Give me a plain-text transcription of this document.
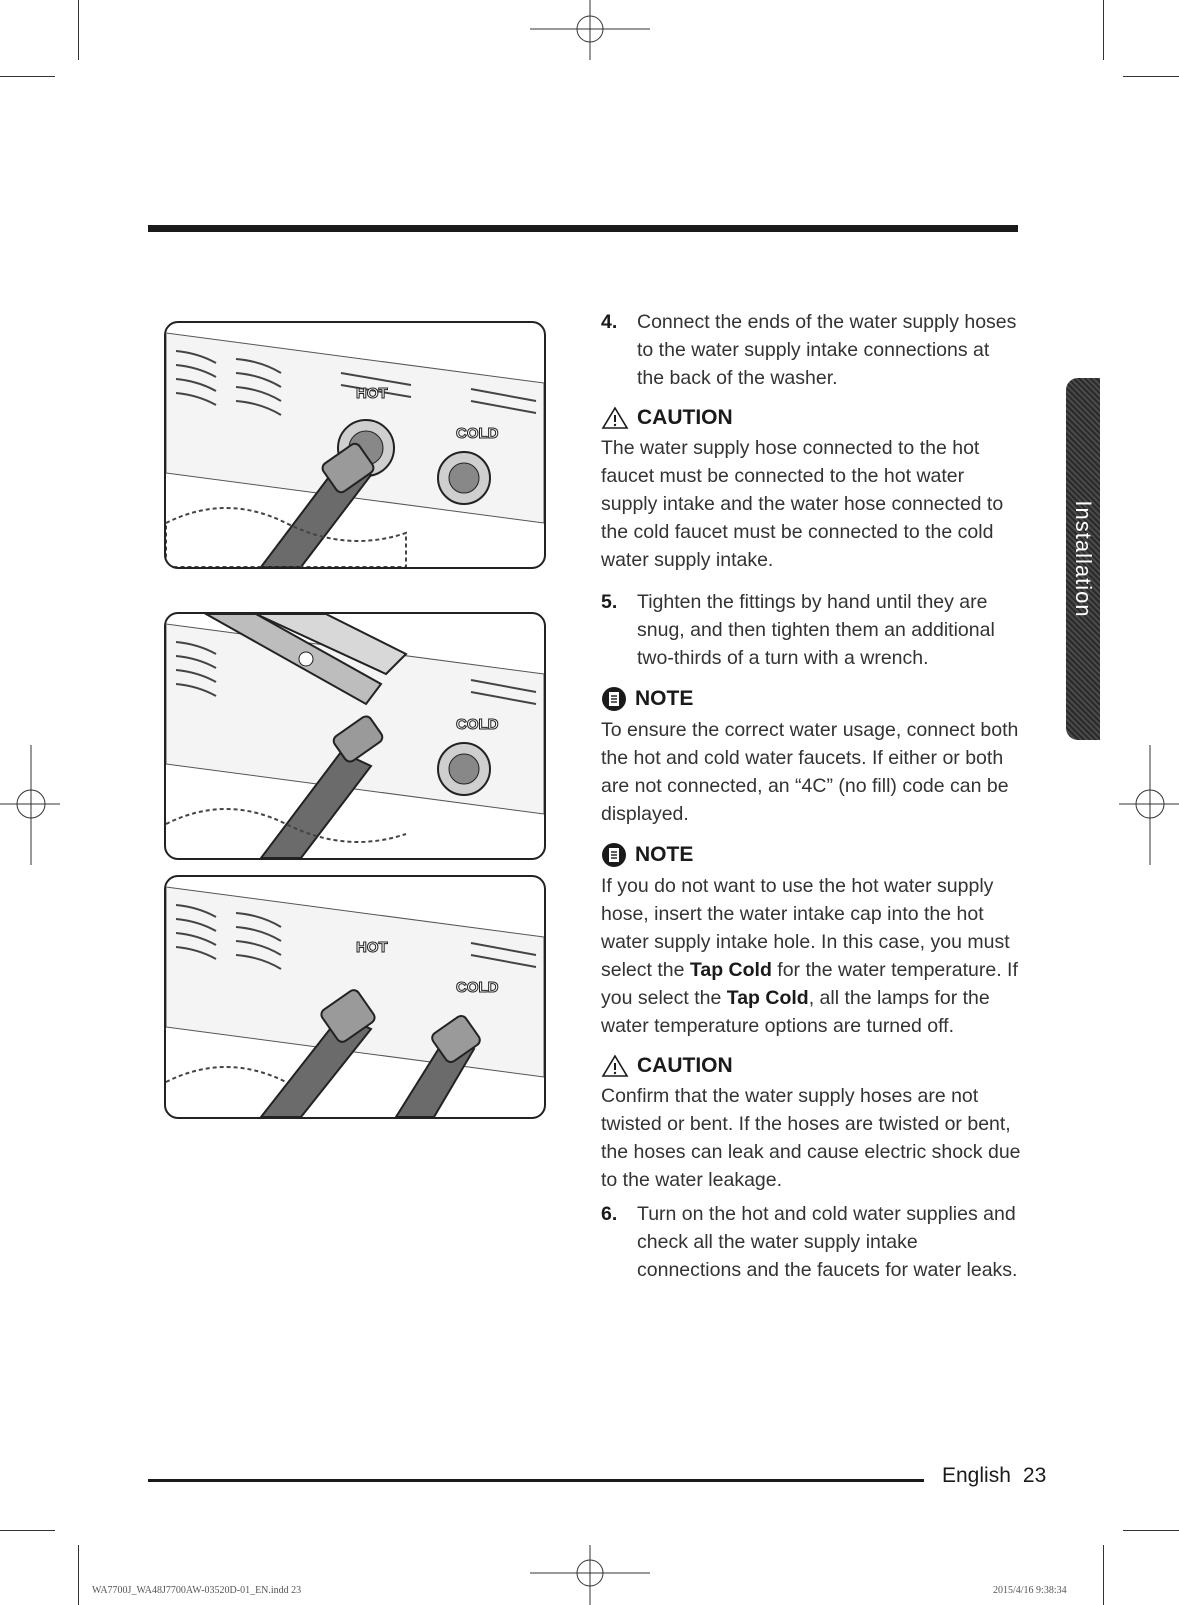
HOT
COLD
COLD
HOT
COLD
4. Connect the ends of the water supply hoses to the water supply intake connections at the back of the washer.
CAUTION
The water supply hose connected to the hot faucet must be connected to the hot water supply intake and the water hose connected to the cold faucet must be connected to the cold water supply intake.
5. Tighten the fittings by hand until they are snug, and then tighten them an additional two-thirds of a turn with a wrench.
NOTE
To ensure the correct water usage, connect both the hot and cold water faucets. If either or both are not connected, an “4C” (no fill) code can be displayed.
NOTE
If you do not want to use the hot water supply hose, insert the water intake cap into the hot water supply intake hole. In this case, you must select the Tap Cold for the water temperature. If you select the Tap Cold, all the lamps for the water temperature options are turned off.
CAUTION
Confirm that the water supply hoses are not twisted or bent. If the hoses are twisted or bent, the hoses can leak and cause electric shock due to the water leakage.
6. Turn on the hot and cold water supplies and check all the water supply intake connections and the faucets for water leaks.
Installation
English 23
WA7700J_WA48J7700AW-03520D-01_EN.indd 23	2015/4/16 9:38:34
